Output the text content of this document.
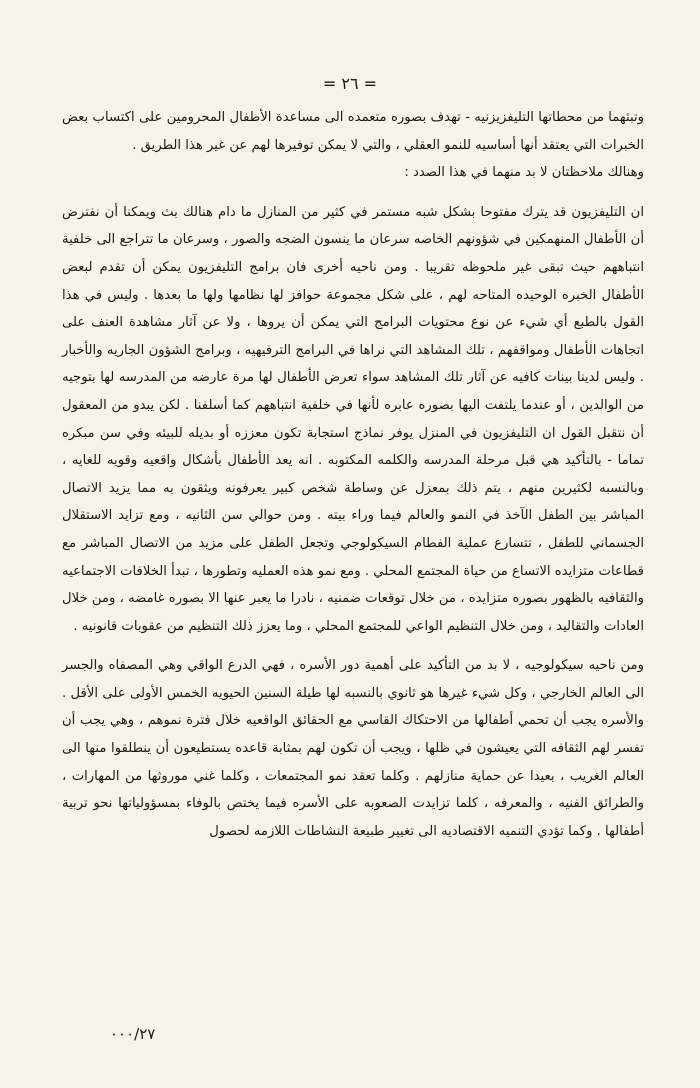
= ٢٦ =

وتبثهما من محطاتها التليفزيزنيه - تهدف بصوره متعمده الى مساعدة الأطفال المحرومين على اكتساب بعض الخبرات التي يعتقد أنها أساسيه للنمو العقلي ، والتي لا يمكن توفيرها لهم عن غير هذا الطريق .

وهنالك ملاحظتان لا بد منهما في هذا الصدد :

ان التليفزيون قد يترك مفتوحا بشكل شبه مستمر في كثير من المنازل ما دام هنالك بث ويمكنا أن نفترض أن الأطفال المنهمكين في شؤونهم الخاصه سرعان ما ينسون الضجه والصور ، وسرعان ما تتراجع الى خلفية انتباههم حيث تبقى غير ملحوظه تقريبا . ومن ناحيه أخرى فان برامج التليفزيون يمكن أن تقدم لبعض الأطفال الخبره الوحيده المتاحه لهم ، على شكل مجموعة حوافز لها نظامها ولها ما بعدها . وليس في هذا القول بالطبع أي شيء عن نوع محتويات البرامج التي يمكن أن يروها ، ولا عن آثار مشاهدة العنف على اتجاهات الأطفال ومواقفهم ، تلك المشاهد التي نراها في البرامج الترفيهيه ، وبرامج الشؤون الجاريه والأخبار . وليس لدينا بينات كافيه عن آثار تلك المشاهد سواء تعرض الأطفال لها مرة عارضه من المدرسه لها بتوجيه من الوالدين ، أو عندما يلتفت اليها بصوره عابره لأنها في خلفية انتباههم كما أسلفنا . لكن يبدو من المعقول أن نتقبل القول ان التليفزيون في المنزل يوفر نماذج استجابة تكون معززه أو بديله للبيئه وفي سن مبكره تماما - بالتأكيد هي قبل مرحلة المدرسه والكلمه المكتوبه . انه يعد الأطفال بأشكال واقعيه وقويه للغايه ، وبالنسبه لكثيرين منهم ، يتم ذلك بمعزل عن وساطة شخص كبير يعرفونه ويثقون به مما يزيد الاتصال المباشر بين الطفل الآخذ في النمو والعالم فيما وراء بيته . ومن حوالي سن الثانيه ، ومع تزايد الاستقلال الجسماني للطفل ، تتسارع عملية الفطام السيكولوجي وتجعل الطفل على مزيد من الاتصال المباشر مع قطاعات متزايده الاتساع من حياة المجتمع المحلي . ومع نمو هذه العمليه وتطورها ، تبدأ الخلافات الاجتماعيه والثقافيه بالظهور بصوره متزايده ، من خلال توقعات ضمنيه ، نادرا ما يعبر عنها الا بصوره غامضه ، ومن خلال العادات والتقاليد ، ومن خلال التنظيم الواعي للمجتمع المحلي ، وما يعزز ذلك التنظيم من عقوبات قانونيه .

ومن ناحيه سيكولوجيه ، لا بد من التأكيد على أهمية دور الأسره ، فهي الدرع الواقي وهي المصفاه والجسر الى العالم الخارجي ، وكل شيء غيرها هو ثانوي بالنسبه لها طيلة السنين الحيويه الخمس الأولى على الأقل . والأسره يجب أن تحمي أطفالها من الاحتكاك القاسي مع الحقائق الواقعيه خلال فترة نموهم ، وهي يجب أن تفسر لهم الثقافه التي يعيشون في ظلها ، ويجب أن تكون لهم بمثابة قاعده يستطيعون أن ينطلقوا منها الى العالم الغريب ، بعيدا عن حماية منازلهم . وكلما تعقد نمو المجتمعات ، وكلما غني موروثها من المهارات ، والطرائق الفنيه ، والمعرفه ، كلما تزايدت الصعوبه على الأسره فيما يختص بالوفاء بمسؤولياتها نحو تربية أطفالها . وكما تؤدي التنميه الاقتصاديه الى تغيير طبيعة النشاطات اللازمه لحصول

٠٠٠/٢٧
